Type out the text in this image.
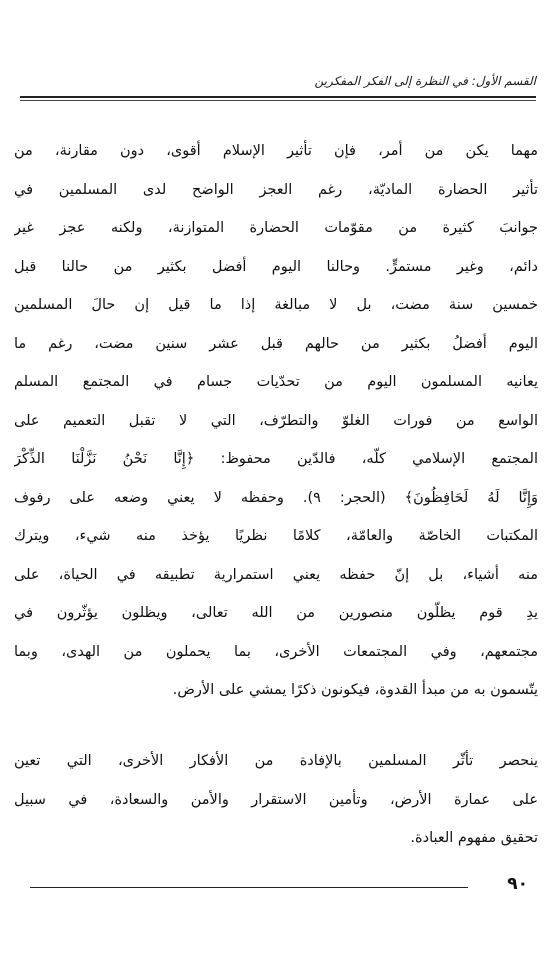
القسم الأول: في النظرة إلى الفكر المفكرين
مهما يكن من أمر، فإن تأثير الإسلام أقوى، دون مقارنة، من
تأثير الحضارة الماديّة، رغم العجز الواضح لدى المسلمين في
جوانبَ كثيرة من مقوّمات الحضارة المتوازنة، ولكنه عجز غير
دائم، وغير مستمرٍّ. وحالنا اليوم أفضل بكثير من حالنا قبل
خمسين سنة مضت، بل لا مبالغة إذا ما قيل إن حالَ المسلمين
اليوم أفضلُ بكثير من حالهم قبل عشر سنين مضت، رغم ما
يعانيه المسلمون اليوم من تحدّيات جسام في المجتمع المسلم
الواسع من فورات الغلوّ والتطرّف، التي لا تقبل التعميم على
المجتمع الإسلامي كلّه، فالدّين محفوظ: ﴿إِنَّا نَحْنُ نَزَّلْنَا الذِّكْرَ
وَإِنَّا لَهُ لَحَافِظُونَ﴾ (الحجر: ٩). وحفظه لا يعني وضعه على رفوف
المكتبات الخاصّة والعامّة، كلامًا نظريًا يؤخذ منه شيء، ويترك
منه أشياء، بل إنّ حفظه يعني استمرارية تطبيقه في الحياة، على
يدِ قوم يظلّون منصورين من الله تعالى، ويظلون يؤثّرون في
مجتمعهم، وفي المجتمعات الأخرى، بما يحملون من الهدى، وبما
يتّسمون به من مبدأ القدوة، فيكونون ذكرًا يمشي على الأرض.
ينحصر تأثّر المسلمين بالإفادة من الأفكار الأخرى، التي تعين
على عمارة الأرض، وتأمين الاستقرار والأمن والسعادة، في سبيل
تحقيق مفهوم العبادة.
٩٠
